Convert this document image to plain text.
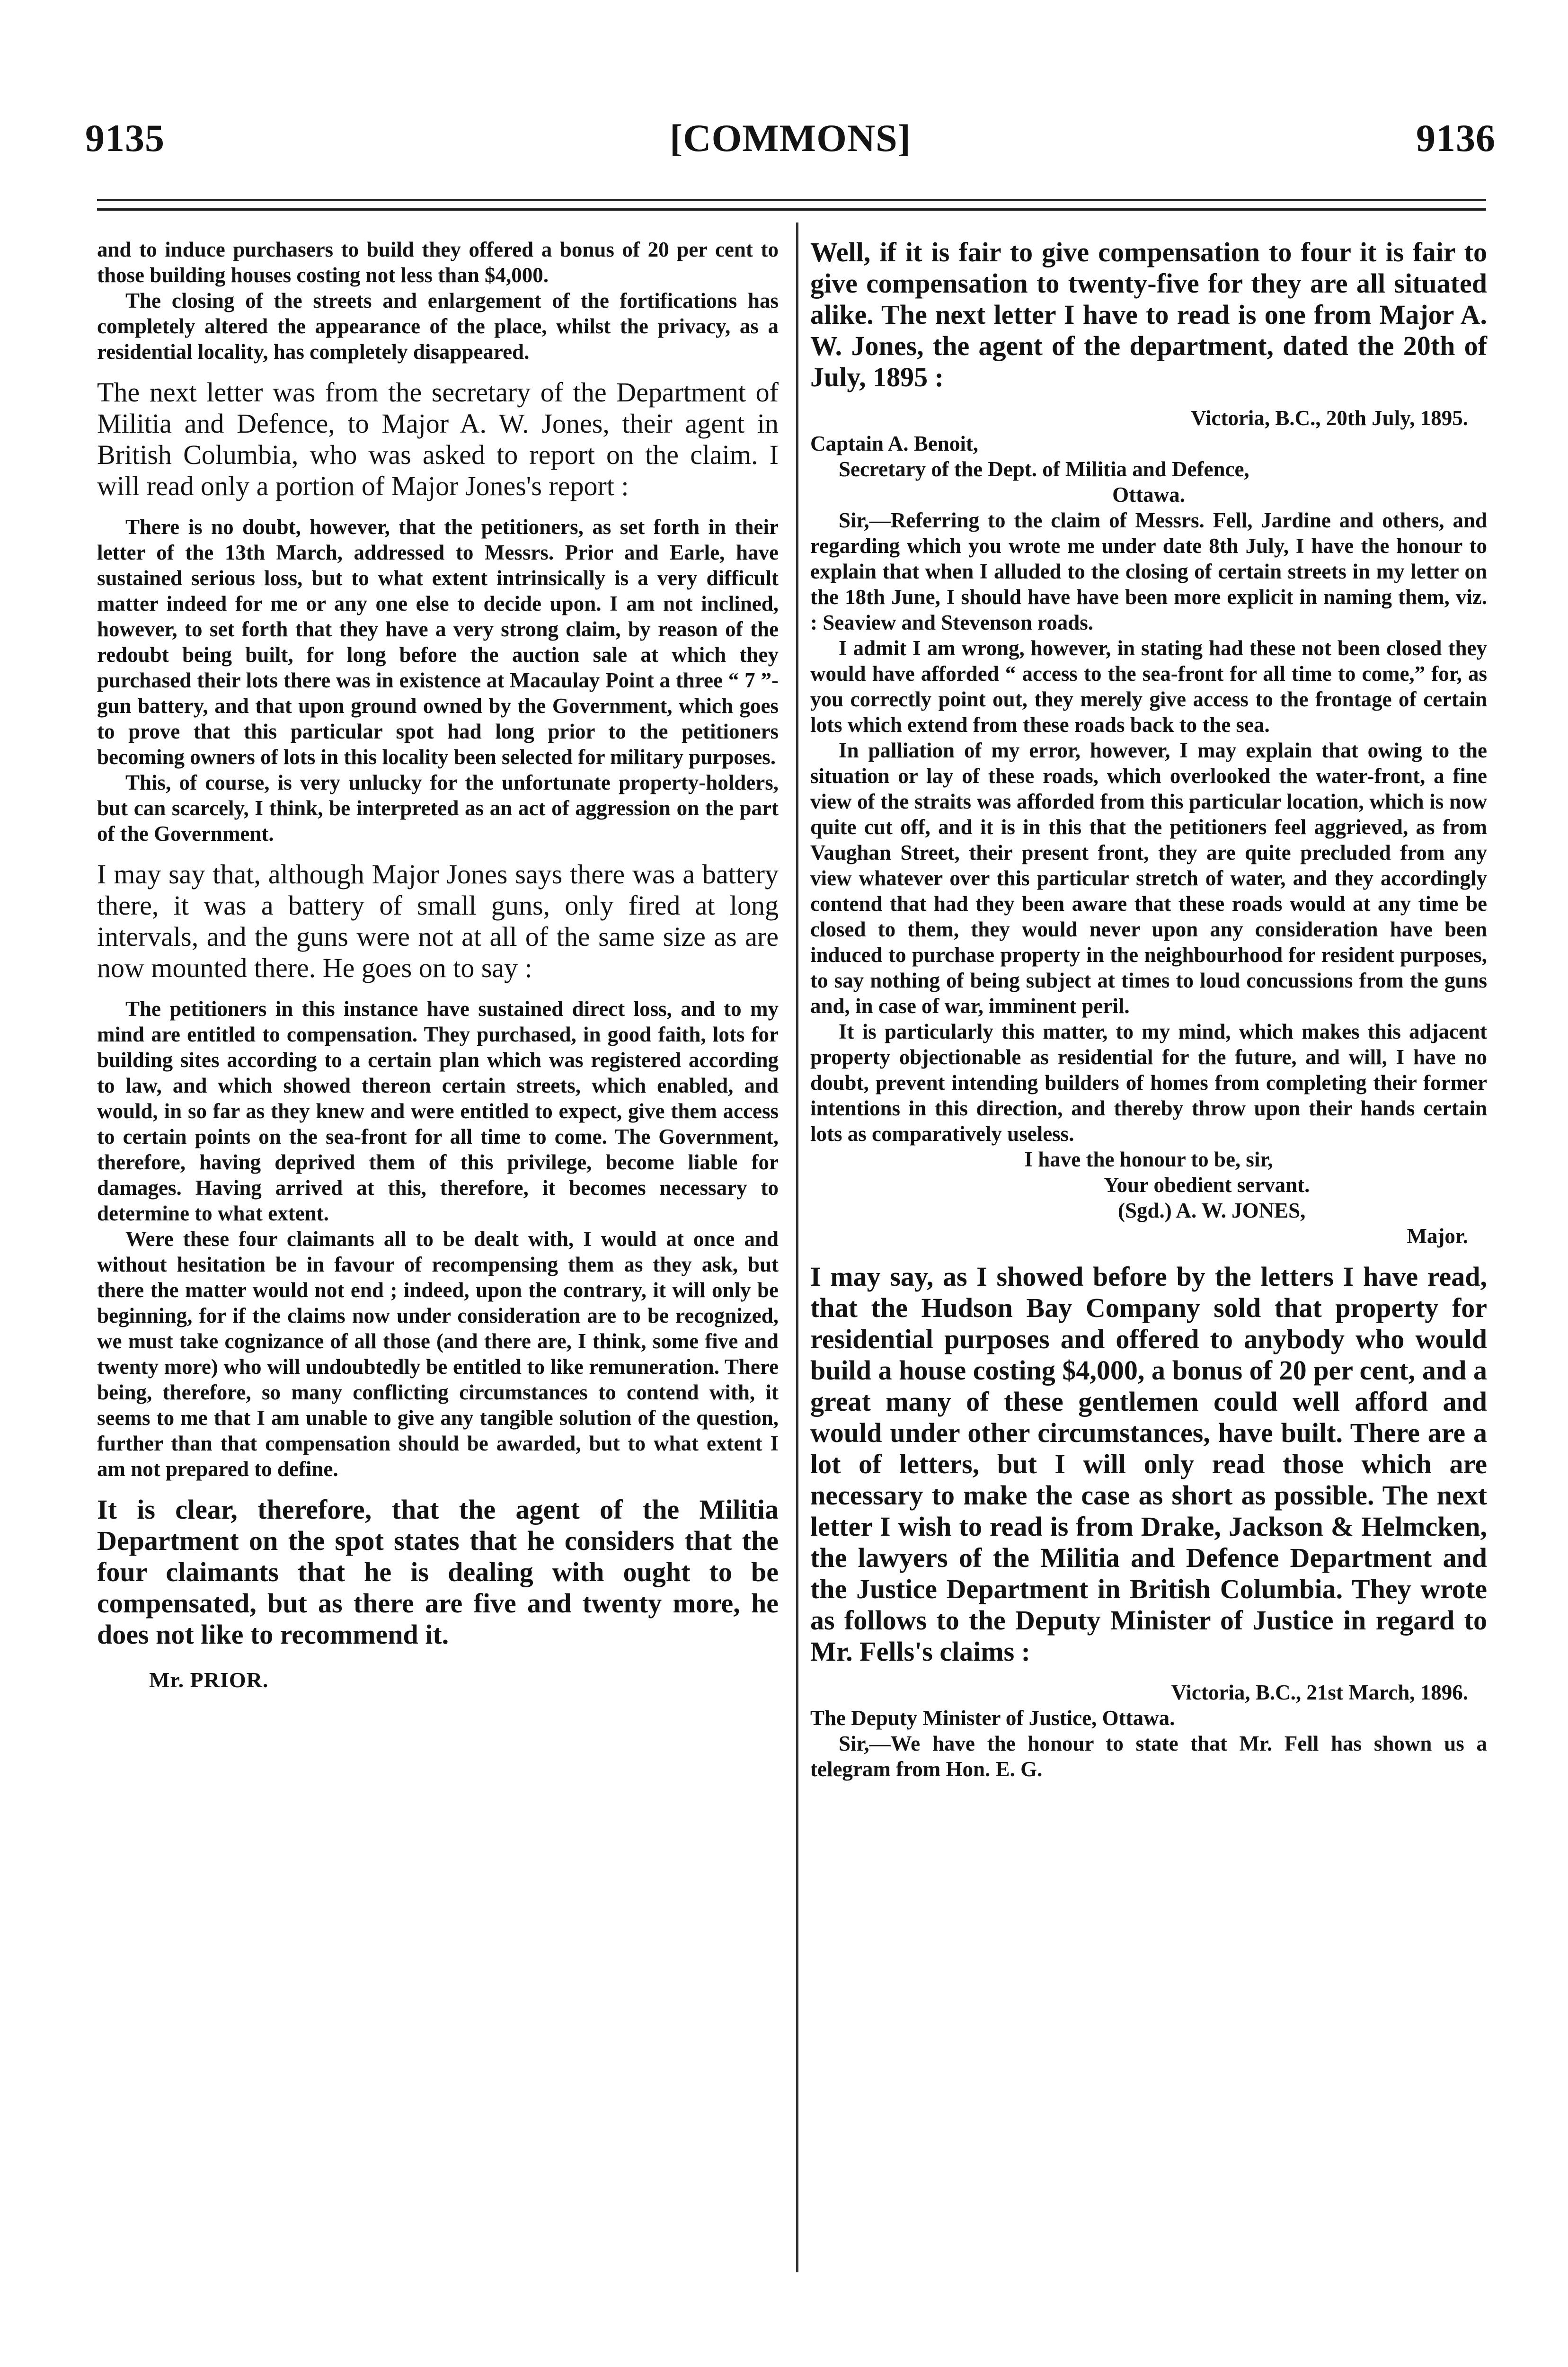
9135	[COMMONS]	9136

and to induce purchasers to build they offered a bonus of 20 per cent to those building houses costing not less than $4,000.

The closing of the streets and enlargement of the fortifications has completely altered the appearance of the place, whilst the privacy, as a residential locality, has completely disappeared.

The next letter was from the secretary of the Department of Militia and Defence, to Major A. W. Jones, their agent in British Columbia, who was asked to report on the claim. I will read only a portion of Major Jones's report :

There is no doubt, however, that the petitioners, as set forth in their letter of the 13th March, addressed to Messrs. Prior and Earle, have sustained serious loss, but to what extent intrinsically is a very difficult matter indeed for me or any one else to decide upon. I am not inclined, however, to set forth that they have a very strong claim, by reason of the redoubt being built, for long before the auction sale at which they purchased their lots there was in existence at Macaulay Point a three “ 7 ”-gun battery, and that upon ground owned by the Government, which goes to prove that this particular spot had long prior to the petitioners becoming owners of lots in this locality been selected for military purposes.

This, of course, is very unlucky for the unfortunate property-holders, but can scarcely, I think, be interpreted as an act of aggression on the part of the Government.

I may say that, although Major Jones says there was a battery there, it was a battery of small guns, only fired at long intervals, and the guns were not at all of the same size as are now mounted there. He goes on to say :

The petitioners in this instance have sustained direct loss, and to my mind are entitled to compensation. They purchased, in good faith, lots for building sites according to a certain plan which was registered according to law, and which showed thereon certain streets, which enabled, and would, in so far as they knew and were entitled to expect, give them access to certain points on the sea-front for all time to come. The Government, therefore, having deprived them of this privilege, become liable for damages. Having arrived at this, therefore, it becomes necessary to determine to what extent.

Were these four claimants all to be dealt with, I would at once and without hesitation be in favour of recompensing them as they ask, but there the matter would not end ; indeed, upon the contrary, it will only be beginning, for if the claims now under consideration are to be recognized, we must take cognizance of all those (and there are, I think, some five and twenty more) who will undoubtedly be entitled to like remuneration. There being, therefore, so many conflicting circumstances to contend with, it seems to me that I am unable to give any tangible solution of the question, further than that compensation should be awarded, but to what extent I am not prepared to define.

It is clear, therefore, that the agent of the Militia Department on the spot states that he considers that the four claimants that he is dealing with ought to be compensated, but as there are five and twenty more, he does not like to recommend it.

Mr. PRIOR.

Well, if it is fair to give compensation to four it is fair to give compensation to twenty-five for they are all situated alike. The next letter I have to read is one from Major A. W. Jones, the agent of the department, dated the 20th of July, 1895 :

Victoria, B.C., 20th July, 1895.

Captain A. Benoit,

Secretary of the Dept. of Militia and Defence,

Ottawa.

Sir,—Referring to the claim of Messrs. Fell, Jardine and others, and regarding which you wrote me under date 8th July, I have the honour to explain that when I alluded to the closing of certain streets in my letter on the 18th June, I should have have been more explicit in naming them, viz. : Seaview and Stevenson roads.

I admit I am wrong, however, in stating had these not been closed they would have afforded “ access to the sea-front for all time to come,” for, as you correctly point out, they merely give access to the frontage of certain lots which extend from these roads back to the sea.

In palliation of my error, however, I may explain that owing to the situation or lay of these roads, which overlooked the water-front, a fine view of the straits was afforded from this particular location, which is now quite cut off, and it is in this that the petitioners feel aggrieved, as from Vaughan Street, their present front, they are quite precluded from any view whatever over this particular stretch of water, and they accordingly contend that had they been aware that these roads would at any time be closed to them, they would never upon any consideration have been induced to purchase property in the neighbourhood for resident purposes, to say nothing of being subject at times to loud concussions from the guns and, in case of war, imminent peril.

It is particularly this matter, to my mind, which makes this adjacent property objectionable as residential for the future, and will, I have no doubt, prevent intending builders of homes from completing their former intentions in this direction, and thereby throw upon their hands certain lots as comparatively useless.

I have the honour to be, sir,

Your obedient servant.

(Sgd.) A. W. JONES,

Major.

I may say, as I showed before by the letters I have read, that the Hudson Bay Company sold that property for residential purposes and offered to anybody who would build a house costing $4,000, a bonus of 20 per cent, and a great many of these gentlemen could well afford and would under other circumstances, have built. There are a lot of letters, but I will only read those which are necessary to make the case as short as possible. The next letter I wish to read is from Drake, Jackson & Helmcken, the lawyers of the Militia and Defence Department and the Justice Department in British Columbia. They wrote as follows to the Deputy Minister of Justice in regard to Mr. Fells's claims :

Victoria, B.C., 21st March, 1896.

The Deputy Minister of Justice, Ottawa.

Sir,—We have the honour to state that Mr. Fell has shown us a telegram from Hon. E. G.
